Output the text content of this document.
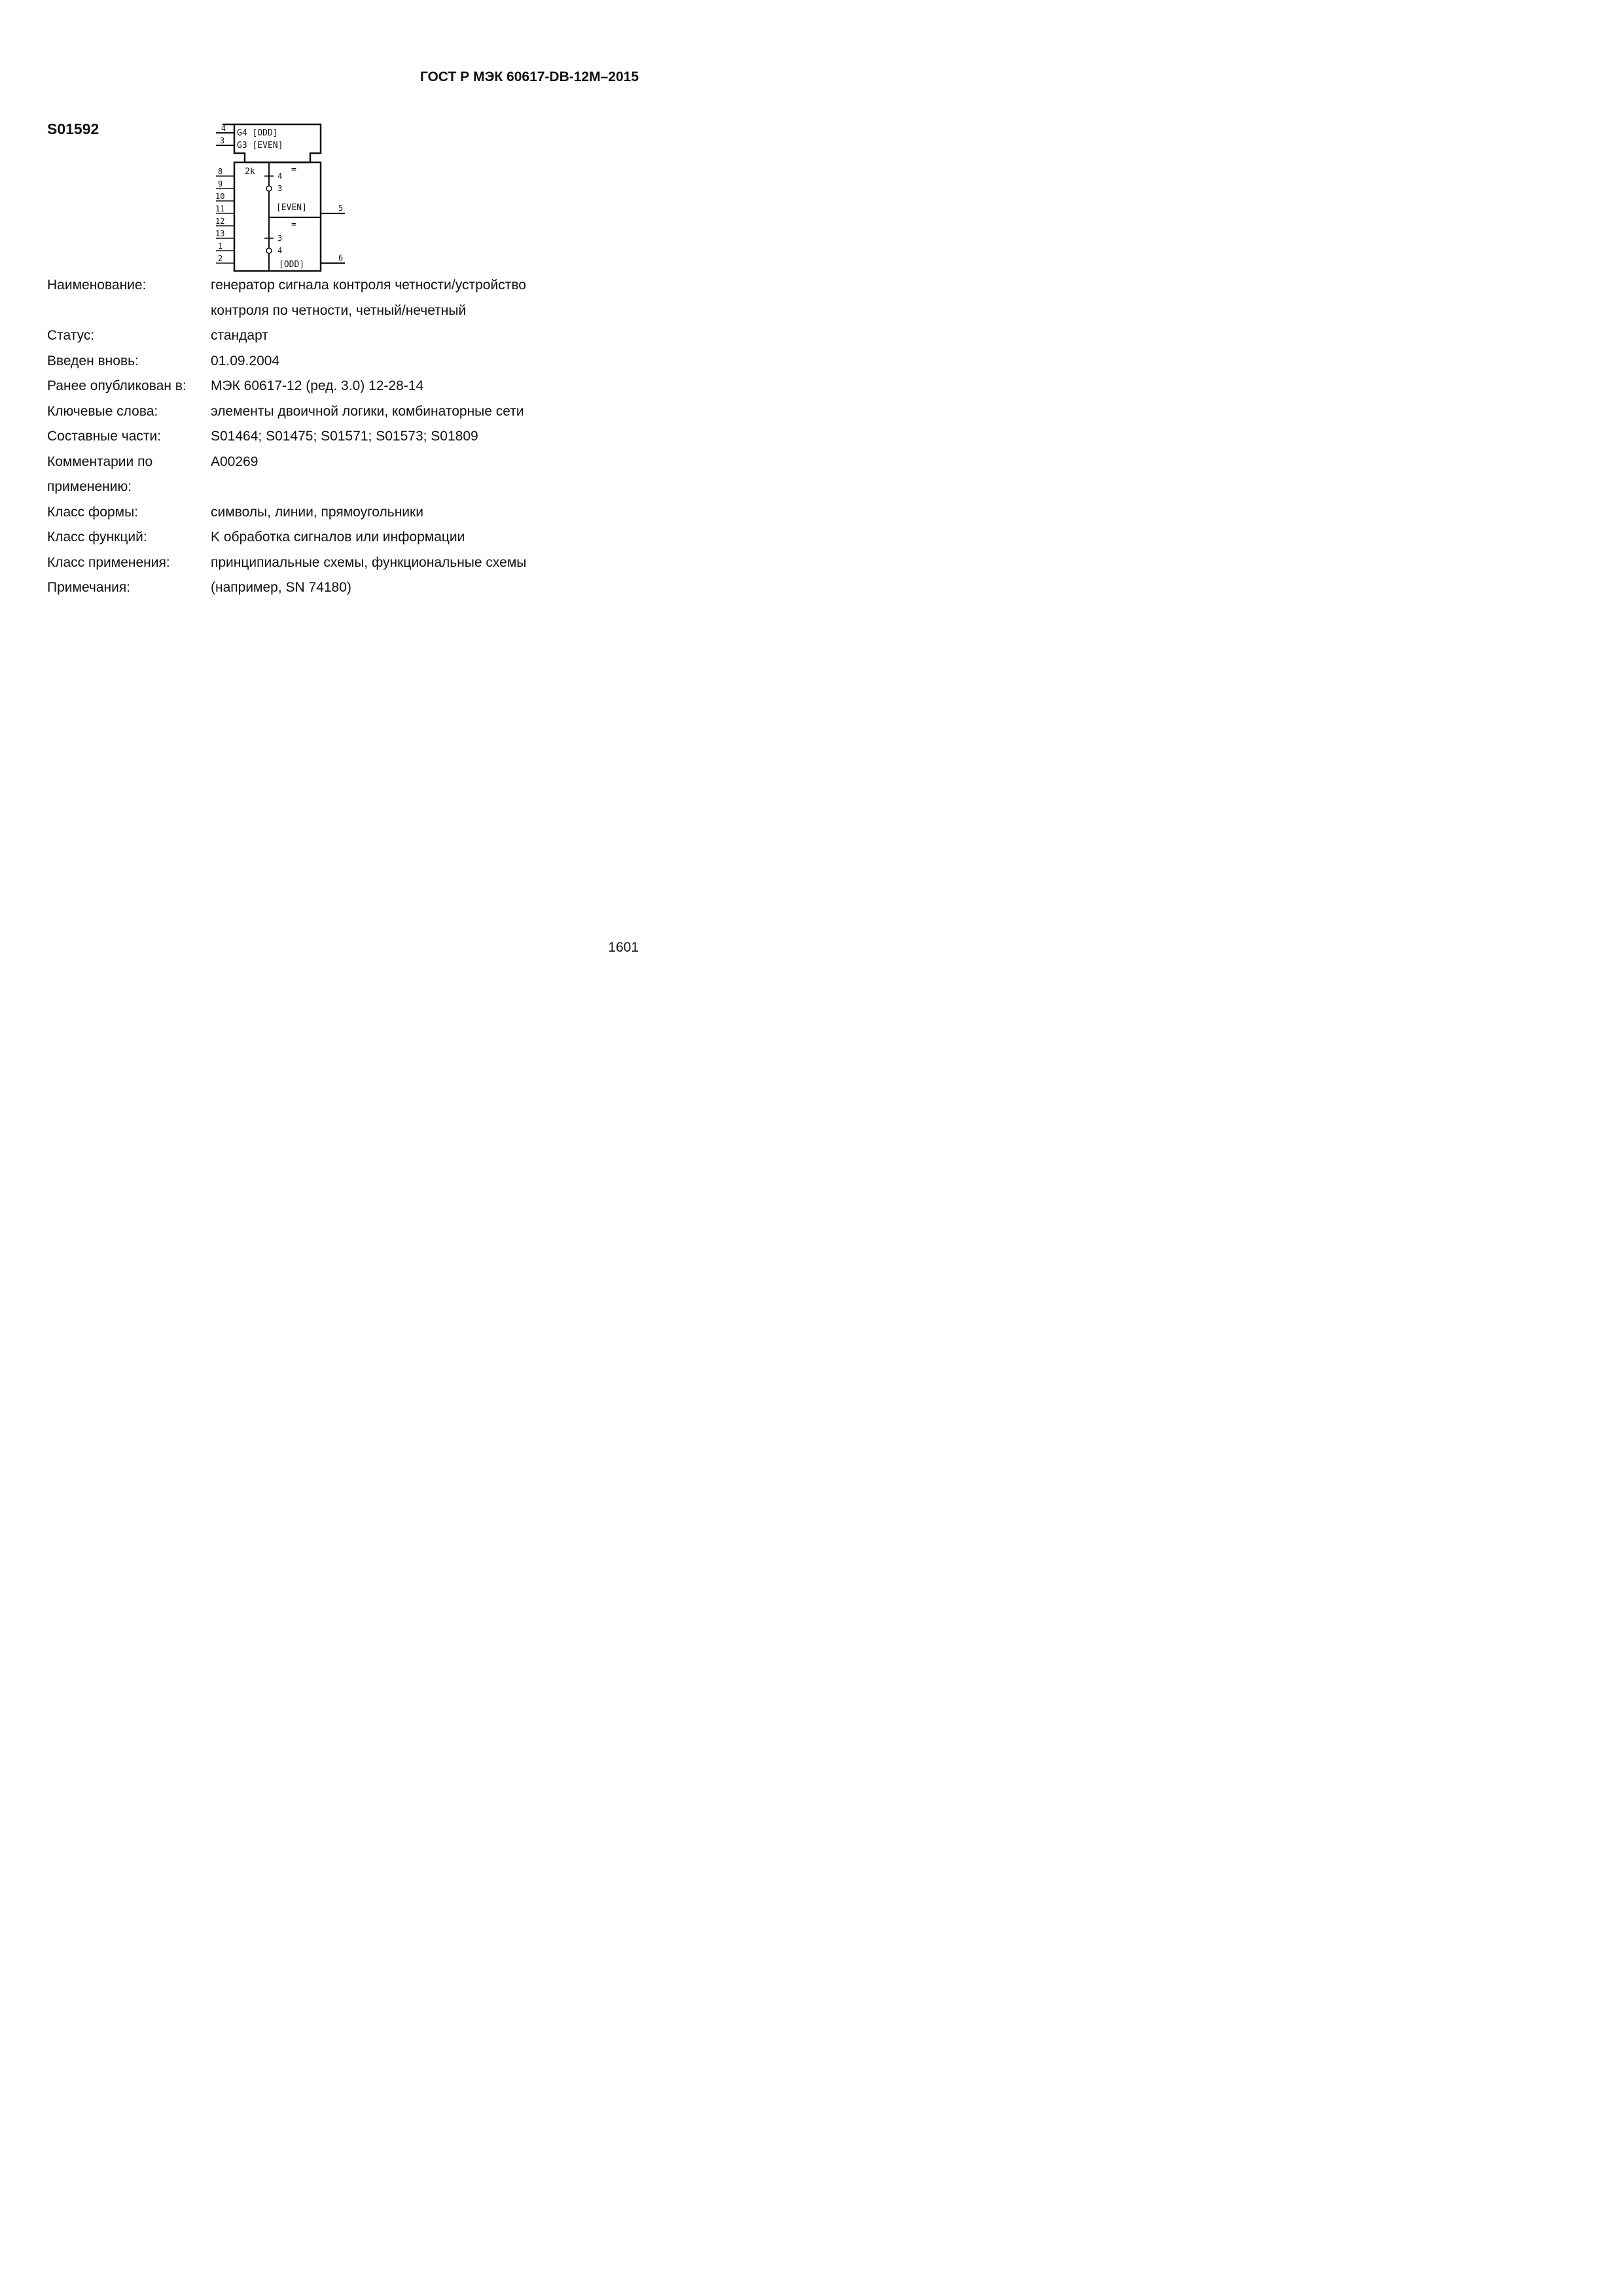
ГОСТ Р МЭК 60617-DB-12M–2015
S01592	4
3
G4 [ODD]
G3 [EVEN]
8
9
10
11
12
13
1
2
2k	=
4
3
[EVEN]	5
=
3
4
[ODD]
6
Наименование:	генератор сигнала контроля четности/устройство
контроля по четности, четный/нечетный
Статус:	стандарт
Введен вновь:	01.09.2004
Ранее опубликован в:	МЭК 60617-12 (ред. 3.0) 12-28-14
Ключевые слова:	элементы двоичной логики, комбинаторные сети
Составные части:	S01464; S01475; S01571; S01573; S01809
Комментарии по применению:
A00269
Класс формы:	символы, линии, прямоугольники
Класс функций:	K обработка сигналов или информации
Класс применения:	принципиальные схемы, функциональные схемы
Примечания:	(например, SN 74180)
1601
